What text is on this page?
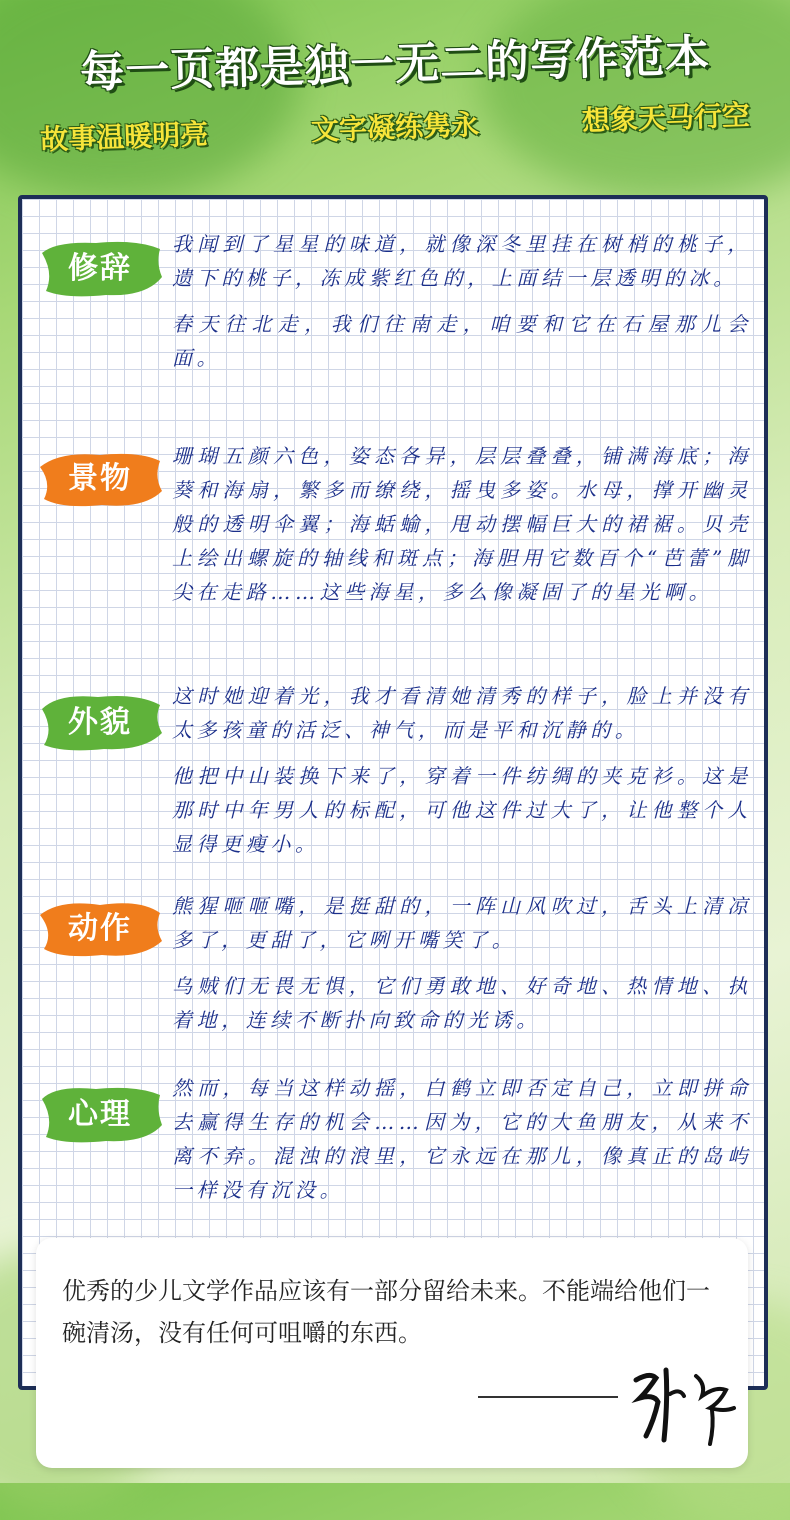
每一页都是独一无二的写作范本
故事温暖明亮	文字凝练隽永	想象天马行空
修辞

我闻到了星星的味道，就像深冬里挂在树梢的桃子，遗下的桃子，冻成紫红色的，上面结一层透明的冰。

春天往北走，我们往南走，咱要和它在石屋那儿会面。

景物

珊瑚五颜六色，姿态各异，层层叠叠，铺满海底；海葵和海扇，繁多而缭绕，摇曳多姿。水母，撑开幽灵般的透明伞翼；海蛞蝓，甩动摆幅巨大的裙裾。贝壳上绘出螺旋的轴线和斑点；海胆用它数百个“芭蕾”脚尖在走路……这些海星，多么像凝固了的星光啊。

外貌

这时她迎着光，我才看清她清秀的样子，脸上并没有太多孩童的活泛、神气，而是平和沉静的。

他把中山装换下来了，穿着一件纺绸的夹克衫。这是那时中年男人的标配，可他这件过大了，让他整个人显得更瘦小。

动作

熊猩咂咂嘴，是挺甜的，一阵山风吹过，舌头上清凉多了，更甜了，它咧开嘴笑了。

乌贼们无畏无惧，它们勇敢地、好奇地、热情地、执着地，连续不断扑向致命的光诱。

心理

然而，每当这样动摇，白鹤立即否定自己，立即拼命去赢得生存的机会……因为，它的大鱼朋友，从来不离不弃。混浊的浪里，它永远在那儿，像真正的岛屿一样没有沉没。

优秀的少儿文学作品应该有一部分留给未来。不能端给他们一碗清汤，没有任何可咀嚼的东西。
